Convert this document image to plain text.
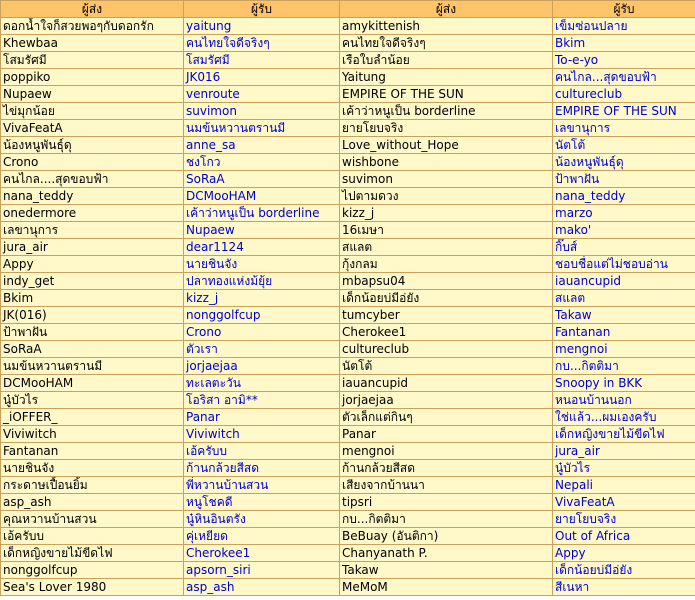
ผู้ส่ง	ผู้รับ	ผู้ส่ง	ผู้รับ
ดอกน้ำใจก็สวยพอๆกับดอกรัก	yaitung	amykittenish	เข็มซ่อนปลาย
Khewbaa	คนไทยใจดีจริงๆ	คนไทยใจดีจริงๆ	Bkim
โสมรัศมี	โสมรัศมี	เรือใบลำน้อย	To-e-yo
poppiko	JK016	Yaitung	คนไกล...สุดขอบฟ้า
Nupaew	venroute	EMPIRE OF THE SUN	cultureclub
ไข่มุกน้อย	suvimon	เค้าว่าหนูเป็น borderline	EMPIRE OF THE SUN
VivaFeatA	นมข้นหวานตรานมี	ยายโยบจริง	เลขานุการ
น้องหนูพันธุ์ดุ	anne_sa	Love_without_Hope	นัตโต้
Crono	ชงโกว	wishbone	น้องหนูพันธุ์ดุ
คนไกล....สุดขอบฟ้า	SoRaA	suvimon	ป้าพาฝัน
nana_teddy	DCMooHAM	ไปตามดวง	nana_teddy
onedermore	เค้าว่าหนูเป็น borderline	kizz_j	marzo
เลขานุการ	Nupaew	16เมษา	mako'
jura_air	dear1124	สแลต	กิ๊บส์
Appy	นายชินจัง	กุ้งกลม	ชอบชื่อแต่ไม่ชอบอ่าน
indy_get	ปลาทองแห่งม้ยุ้ย	mbapsu04	iauancupid
Bkim	kizz_j	เด็กน้อยบ่มีอ่ยัง	สแลต
JK(016)	nonggolfcup	tumcyber	Takaw
ป้าพาฝัน	Crono	Cherokee1	Fantanan
SoRaA	ตัวเรา	cultureclub	mengnoi
นมข้นหวานตรานมี	jorjaejaa	นัตโต้	กบ...กิตติมา
DCMooHAM	ทะเลตะวัน	iauancupid	Snoopy in BKK
นู๋บัวไร	โอริสา อามิ**	jorjaejaa	หนอนบ้านนอก
_iOFFER_	Panar	ตัวเล็กแต่กินๆ	ใช่แล้ว...ผมเองครับ
Viviwitch	Viviwitch	Panar	เด็กหญิงขายไม้ขีดไฟ
Fantanan	เอ้ครับบ	mengnoi	jura_air
นายชินจัง	ก้านกล้วยสีสด	ก้านกล้วยสีสด	นู๋บัวไร
กระดาษเปื้อนยิ้ม	พี่หวานบ้านสวน	เสียงจากบ้านนา	Nepali
asp_ash	หนูโชคดี	tipsri	VivaFeatA
คุณหวานบ้านสวน	นู๋หินอินตรัง	กบ...กิตติมา	ยายโยบจริง
เอ้ครับบ	คุ่เหยียด	BeBuay (อันติกา)	Out of Africa
เด็กหญิงขายไม้ขีดไฟ	Cherokee1	Chanyanath P.	Appy
nonggolfcup	apsorn_siri	Takaw	เด็กน้อยบ่มีอ่ยัง
Sea's Lover 1980	asp_ash	MeMoM	สีเนหา
